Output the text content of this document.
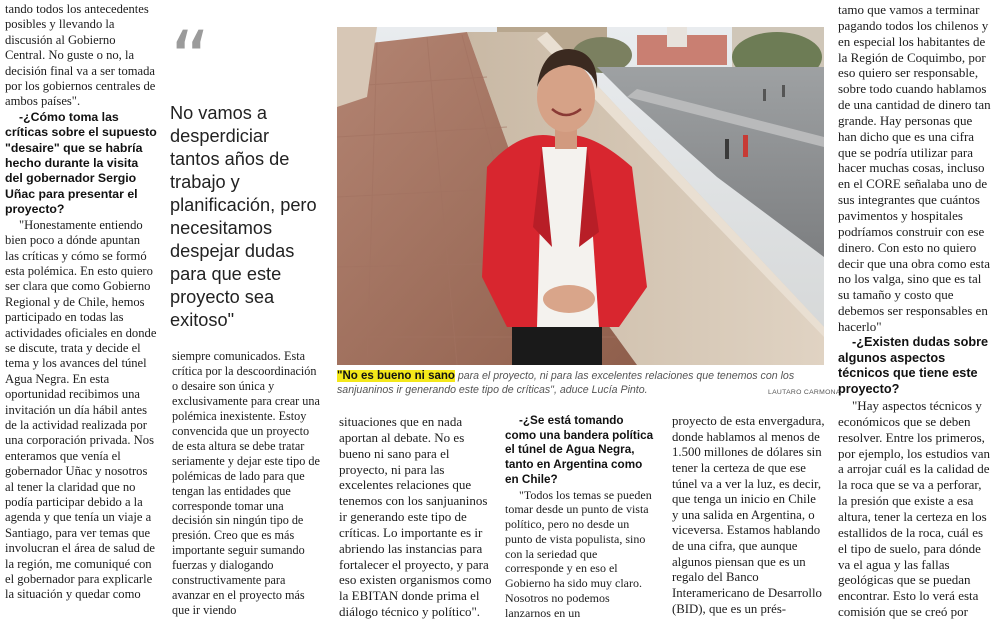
tando todos los antecedentes posibles y llevando la discusión al Gobierno Central. No guste o no, la decisión final va a ser tomada por los gobiernos centrales de ambos países".

-¿Cómo toma las críticas sobre el supuesto "desaire" que se habría hecho durante la visita del gobernador Sergio Uñac para presentar el proyecto?

"Honestamente entiendo bien poco a dónde apuntan las críticas y cómo se formó esta polémica. En esto quiero ser clara que como Gobierno Regional y de Chile, hemos participado en todas las actividades oficiales en donde se discute, trata y decide el tema y los avances del túnel Agua Negra. En esta oportunidad recibimos una invitación un día hábil antes de la actividad realizada por una corporación privada. Nos enteramos que venía el gobernador Uñac y nosotros al tener la claridad que no podía participar debido a la agenda y que tenía un viaje a Santiago, para ver temas que involucran el área de salud de la región, me comuniqué con el gobernador para explicarle la situación y quedar como

“
No vamos a desperdiciar tantos años de trabajo y planificación, pero necesitamos despejar dudas para que este proyecto sea exitoso"

siempre comunicados. Esta crítica por la descoordinación o desaire son única y exclusivamente para crear una polémica inexistente. Estoy convencida que un proyecto de esta altura se debe tratar seriamente y dejar este tipo de polémicas de lado para que tengan las entidades que corresponde tomar una decisión sin ningún tipo de presión. Creo que es más importante seguir sumando fuerzas y dialogando constructivamente para avanzar en el proyecto más que ir viendo

"No es bueno ni sano para el proyecto, ni para las excelentes relaciones que tenemos con los sanjuaninos ir generando este tipo de críticas", aduce Lucía Pinto.	LAUTARO CARMONA

situaciones que en nada aportan al debate. No es bueno ni sano para el proyecto, ni para las excelentes relaciones que tenemos con los sanjuaninos ir generando este tipo de críticas. Lo importante es ir abriendo las instancias para fortalecer el proyecto, y para eso existen organismos como la EBITAN donde prima el diálogo técnico y político".

-¿Se está tomando como una bandera política el túnel de Agua Negra, tanto en Argentina como en Chile?

"Todos los temas se pueden tomar desde un punto de vista político, pero no desde un punto de vista populista, sino con la seriedad que corresponde y en eso el Gobierno ha sido muy claro. Nosotros no podemos lanzarnos en un

proyecto de esta envergadura, donde hablamos al menos de 1.500 millones de dólares sin tener la certeza de que ese túnel va a ver la luz, es decir, que tenga un inicio en Chile y una salida en Argentina, o viceversa. Estamos hablando de una cifra, que aunque algunos piensan que es un regalo del Banco Interamericano de Desarrollo (BID), que es un prés-

tamo que vamos a terminar pagando todos los chilenos y en especial los habitantes de la Región de Coquimbo, por eso quiero ser responsable, sobre todo cuando hablamos de una cantidad de dinero tan grande. Hay personas que han dicho que es una cifra que se podría utilizar para hacer muchas cosas, incluso en el CORE señalaba uno de sus integrantes que cuántos pavimentos y hospitales podríamos construir con ese dinero. Con esto no quiero decir que una obra como esta no los valga, sino que es tal su tamaño y costo que debemos ser responsables en hacerlo"

-¿Existen dudas sobre algunos aspectos técnicos que tiene este proyecto?

"Hay aspectos técnicos y económicos que se deben resolver. Entre los primeros, por ejemplo, los estudios van a arrojar cuál es la calidad de la roca que se va a perforar, la presión que existe a esa altura, tener la certeza en los estallidos de la roca, cuál es el tipo de suelo, para dónde va el agua y las fallas geológicas que se puedan encontrar. Esto lo verá esta comisión que se creó por
